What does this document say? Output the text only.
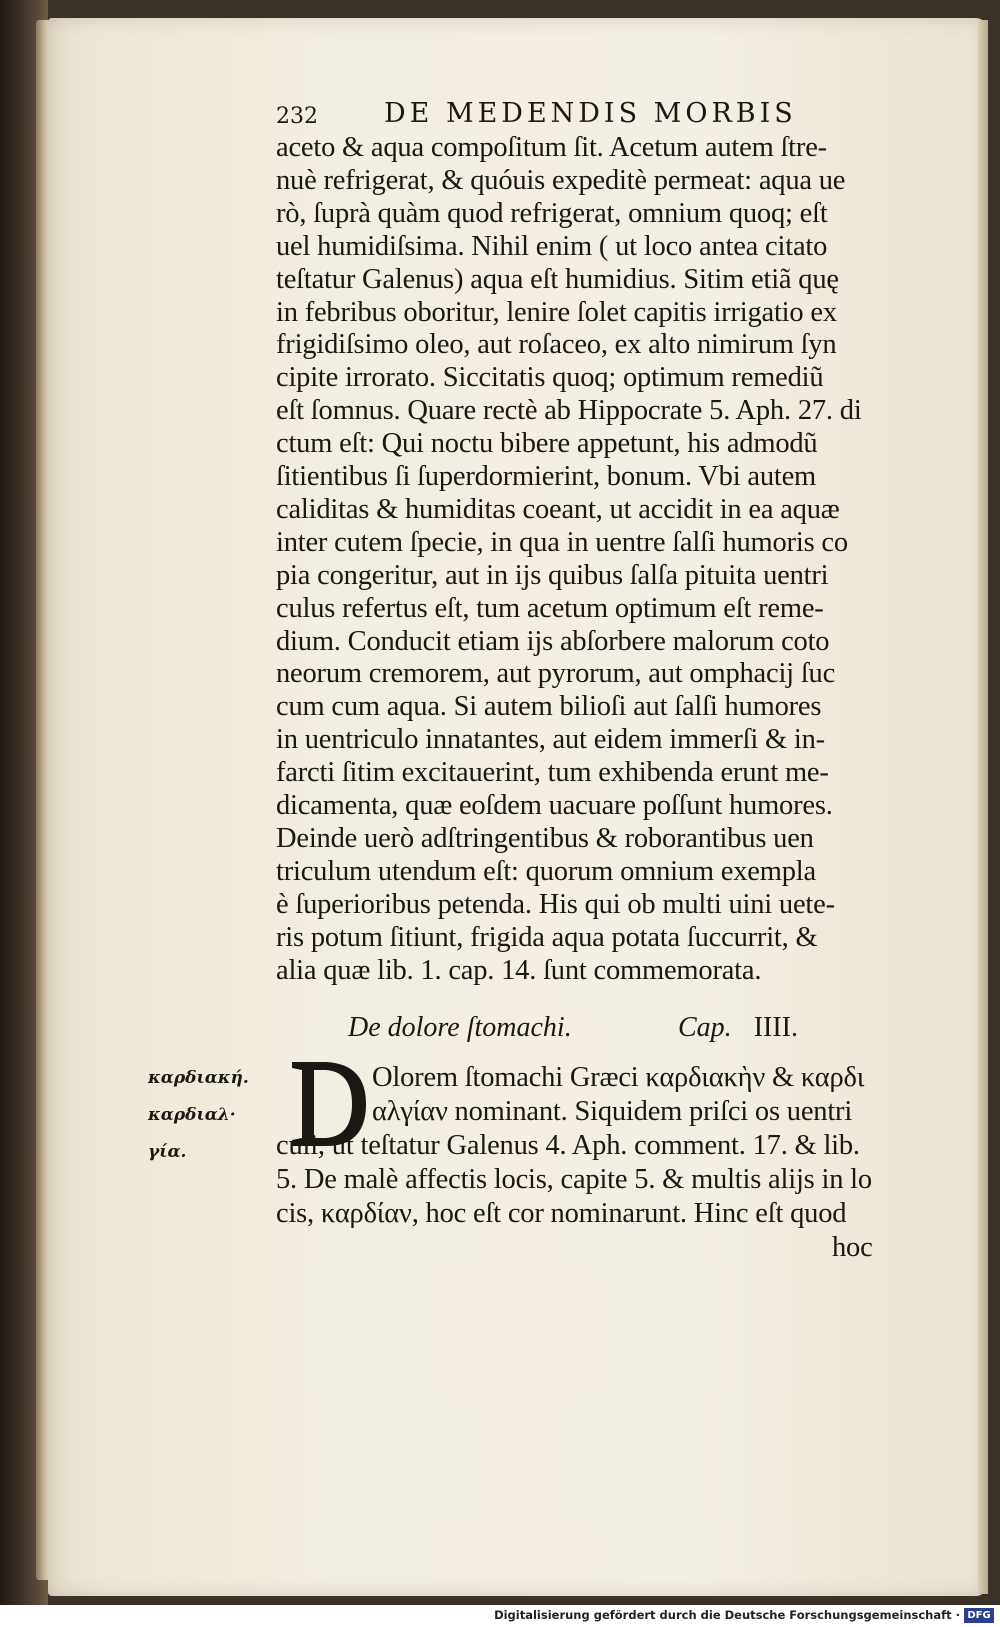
232 DE MEDENDIS MORBIS
aceto & aqua compoſitum ſit. Acetum autem ſtre-
nuè refrigerat, & quóuis expeditè permeat: aqua ue
rò, ſuprà quàm quod refrigerat, omnium quoq; eſt
uel humidiſsima. Nihil enim ( ut loco antea citato
teſtatur Galenus) aqua eſt humidius. Sitim etiã quę
in febribus oboritur, lenire ſolet capitis irrigatio ex
frigidiſsimo oleo, aut roſaceo, ex alto nimirum ſyn
cipite irrorato. Siccitatis quoq; optimum remediũ
eſt ſomnus. Quare rectè ab Hippocrate 5. Aph. 27. di
ctum eſt: Qui noctu bibere appetunt, his admodũ
ſitientibus ſi ſuperdormierint, bonum. Vbi autem
caliditas & humiditas coeant, ut accidit in ea aquæ
inter cutem ſpecie, in qua in uentre ſalſi humoris co
pia congeritur, aut in ijs quibus ſalſa pituita uentri
culus refertus eſt, tum acetum optimum eſt reme-
dium. Conducit etiam ijs abſorbere malorum coto
neorum cremorem, aut pyrorum, aut omphacij ſuc
cum cum aqua. Si autem bilioſi aut ſalſi humores
in uentriculo innatantes, aut eidem immerſi & in-
farcti ſitim excitauerint, tum exhibenda erunt me-
dicamenta, quæ eoſdem uacuare poſſunt humores.
Deinde uerò adſtringentibus & roborantibus uen
triculum utendum eſt: quorum omnium exempla
è ſuperioribus petenda. His qui ob multi uini uete-
ris potum ſitiunt, frigida aqua potata ſuccurrit, &
alia quæ lib. 1. cap. 14. ſunt commemorata.
De dolore ſtomachi.	Cap. IIII.
καρδιακή.
καρδιαλ·
γία.
Olorem ſtomachi Græci καρδιακὴν & καρδι
αλγίαν nominant. Siquidem priſci os uentri
culi, ut teſtatur Galenus 4. Aph. comment. 17. & lib.
5. De malè affectis locis, capite 5. & multis alijs in lo
cis, καρδίαν, hoc eſt cor nominarunt. Hinc eſt quod
hoc
Digitalisierung gefördert durch die Deutsche Forschungsgemeinschaft · DFG
